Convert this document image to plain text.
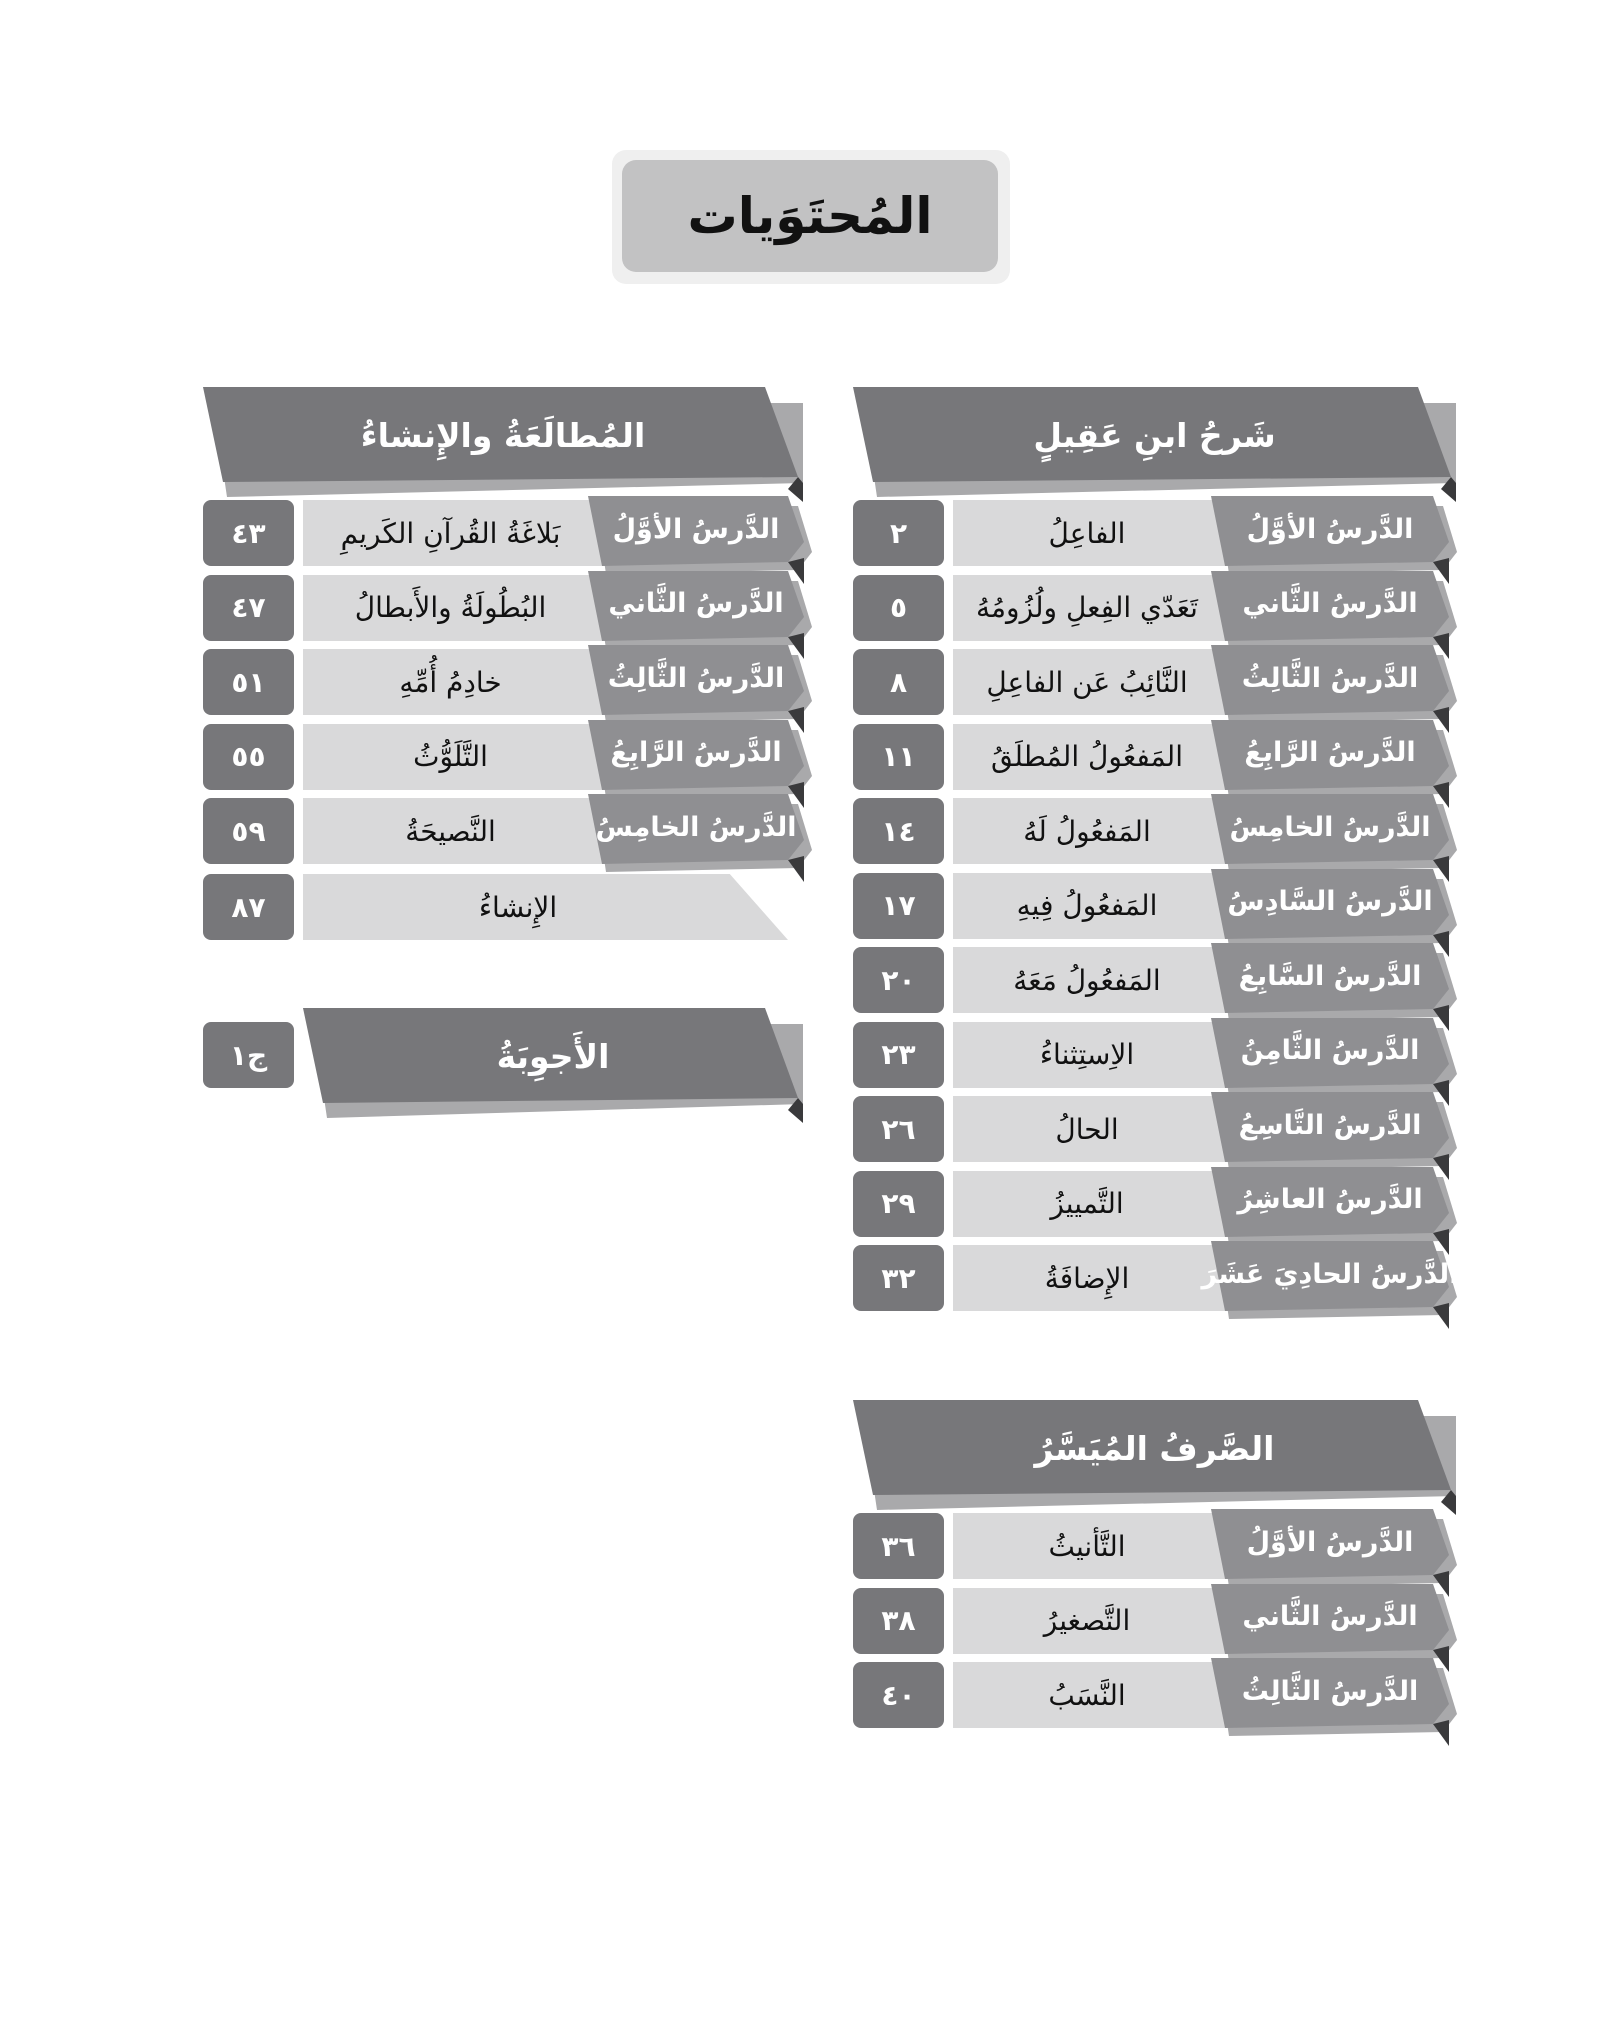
المُحتَوَيات
شَرحُ ابنِ عَقِيلٍ
٢	الفاعِلُ	الدَّرسُ الأوَّلُ
٥	تَعَدّي الفِعلِ ولُزُومُهُ	الدَّرسُ الثَّاني
٨	النَّائِبُ عَن الفاعِلِ	الدَّرسُ الثَّالِثُ
١١	المَفعُولُ المُطلَقُ	الدَّرسُ الرَّابِعُ
١٤	المَفعُولُ لَهُ	الدَّرسُ الخامِسُ
١٧	المَفعُولُ فِيهِ	الدَّرسُ السَّادِسُ
٢٠	المَفعُولُ مَعَهُ	الدَّرسُ السَّابِعُ
٢٣	الاِستِثناءُ	الدَّرسُ الثَّامِنُ
٢٦	الحالُ	الدَّرسُ التَّاسِعُ
٢٩	التَّمييزُ	الدَّرسُ العاشِرُ
٣٢	الإِضافَةُ	الدَّرسُ الحادِيَ عَشَرَ
الصَّرفُ المُيَسَّرُ
٣٦	التَّأنيثُ	الدَّرسُ الأوَّلُ
٣٨	التَّصغيرُ	الدَّرسُ الثَّاني
٤٠	النَّسَبُ	الدَّرسُ الثَّالِثُ
المُطالَعَةُ والإِنشاءُ
٤٣	بَلاغَةُ القُرآنِ الكَريمِ	الدَّرسُ الأوَّلُ
٤٧	البُطُولَةُ والأَبطالُ	الدَّرسُ الثَّاني
٥١	خادِمُ أُمِّهِ	الدَّرسُ الثَّالِثُ
٥٥	التَّلَوُّثُ	الدَّرسُ الرَّابِعُ
٥٩	النَّصيحَةُ	الدَّرسُ الخامِسُ
٨٧	الإِنشاءُ
ج١	الأَجوِبَةُ
